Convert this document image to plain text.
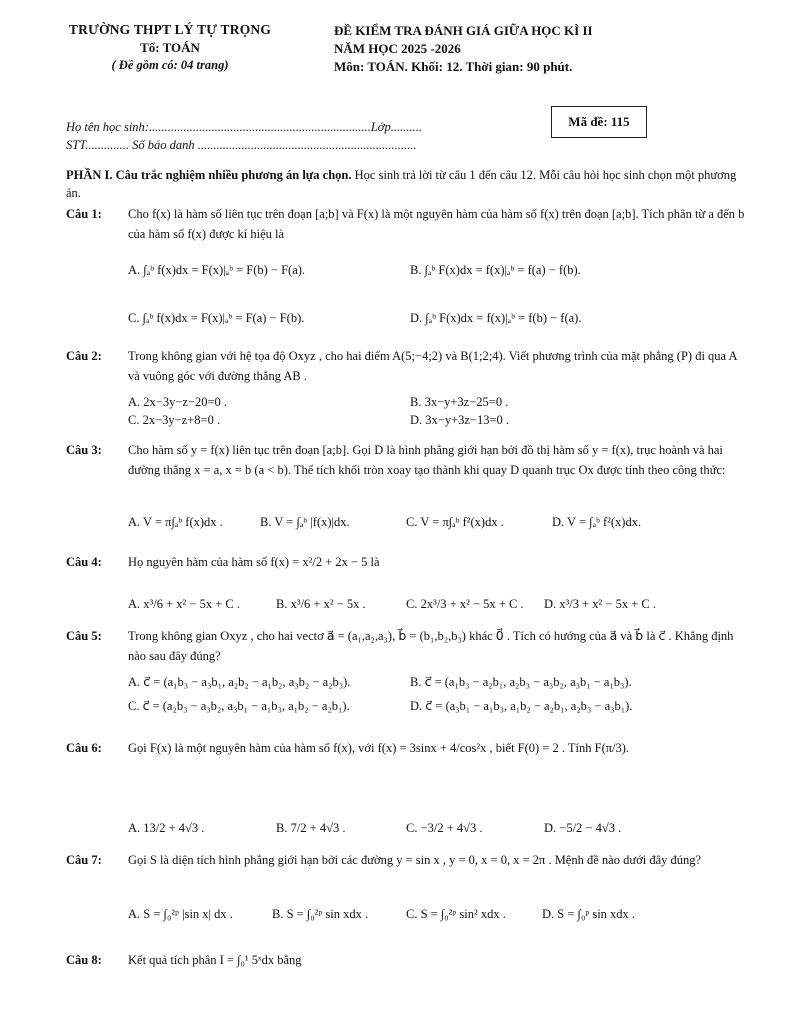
TRƯỜNG THPT LÝ TỰ TRỌNG
Tổ: TOÁN
( Đề gồm có: 04 trang)
ĐỀ KIỂM TRA ĐÁNH GIÁ GIỮA HỌC KÌ II
NĂM HỌC 2025 -2026
Môn: TOÁN. Khối: 12. Thời gian: 90 phút.
Họ tên học sinh:.......................................................................Lớp..........
STT.............. Số báo danh ......................................................................
Mã đề: 115
PHẦN I. Câu trắc nghiệm nhiều phương án lựa chọn. Học sinh trả lời từ câu 1 đến câu 12. Mỗi câu hỏi học sinh chọn một phương án.
Câu 1:	Cho f(x) là hàm số liên tục trên đoạn [a;b] và F(x) là một nguyên hàm của hàm số f(x) trên đoạn [a;b]. Tích phân từ a đến b của hàm số f(x) được kí hiệu là
A. ∫ₐᵇ f(x)dx = F(x)|ₐᵇ = F(b) − F(a).	B. ∫ₐᵇ F(x)dx = f(x)|ₐᵇ = f(a) − f(b).
C. ∫ₐᵇ f(x)dx = F(x)|ₐᵇ = F(a) − F(b).	D. ∫ₐᵇ F(x)dx = f(x)|ₐᵇ = f(b) − f(a).
Câu 2:	Trong không gian với hệ tọa độ Oxyz , cho hai điểm A(5;−4;2) và B(1;2;4). Viết phương trình của mặt phẳng (P) đi qua A và vuông góc với đường thẳng AB .
A. 2x−3y−z−20=0 .	B. 3x−y+3z−25=0 .
C. 2x−3y−z+8=0 .	D. 3x−y+3z−13=0 .
Câu 3:	Cho hàm số y = f(x) liên tục trên đoạn [a;b]. Gọi D là hình phẳng giới hạn bởi đồ thị hàm số y = f(x), trục hoành và hai đường thẳng x = a, x = b (a < b). Thể tích khối tròn xoay tạo thành khi quay D quanh trục Ox được tính theo công thức:
A. V = π∫ₐᵇ f(x)dx .	B. V = ∫ₐᵇ |f(x)|dx.	C. V = π∫ₐᵇ f²(x)dx .	D. V = ∫ₐᵇ f²(x)dx.
Câu 4:	Họ nguyên hàm của hàm số f(x) = x²/2 + 2x − 5 là
A. x³/6 + x² − 5x + C .	B. x³/6 + x² − 5x .	C. 2x³/3 + x² − 5x + C . D. x³/3 + x² − 5x + C .
Câu 5:	Trong không gian Oxyz , cho hai vectơ a⃗ = (a₁,a₂,a₃), b⃗ = (b₁,b₂,b₃) khác 0⃗ . Tích có hướng của a⃗ và b⃗ là c⃗ . Khẳng định nào sau đây đúng?
A. c⃗ = (a₁b₃ − a₃b₁, a₂b₂ − a₁b₂, a₃b₂ − a₂b₃).	B. c⃗ = (a₁b₃ − a₂b₁, a₂b₃ − a₃b₂, a₃b₁ − a₁b₃).
C. c⃗ = (a₂b₃ − a₃b₂, a₃b₁ − a₁b₃, a₁b₂ − a₂b₁).	D. c⃗ = (a₃b₁ − a₁b₃, a₁b₂ − a₂b₁, a₂b₃ − a₃b₁).
Câu 6:	Gọi F(x) là một nguyên hàm của hàm số f(x), với f(x) = 3sinx + 4/cos²x , biết F(0) = 2 . Tính F(π/3).
A. 13/2 + 4√3 .	B. 7/2 + 4√3 .	C. −3/2 + 4√3 .	D. −5/2 − 4√3 .
Câu 7:	Gọi S là diện tích hình phẳng giới hạn bởi các đường y = sin x , y = 0, x = 0, x = 2π . Mệnh đề nào dưới đây đúng?
A. S = ∫₀²ᵖ |sin x| dx .	B. S = ∫₀²ᵖ sin xdx .	C. S = ∫₀²ᵖ sin² xdx .	D. S = ∫₀ᵖ sin xdx .
Câu 8:	Kết quả tích phân I = ∫₀¹ 5ˣdx bằng
